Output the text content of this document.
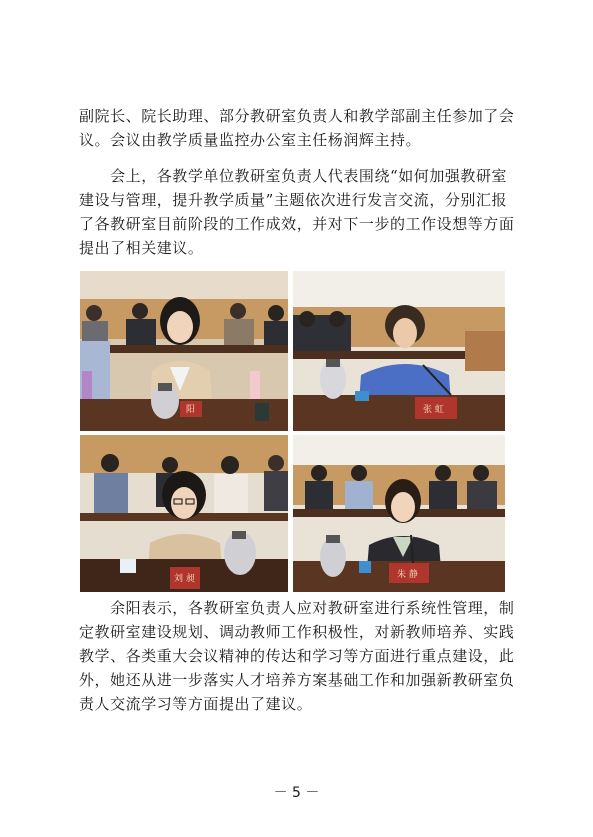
副院长、院长助理、部分教研室负责人和教学部副主任参加了会
议。会议由教学质量监控办公室主任杨润辉主持。

　　会上，各教学单位教研室负责人代表围绕“如何加强教研室
建设与管理，提升教学质量”主题依次进行发言交流，分别汇报
了各教研室目前阶段的工作成效，并对下一步的工作设想等方面
提出了相关建议。

阳	张 虹
刘 昶	朱 静

　　余阳表示，各教研室负责人应对教研室进行系统性管理，制
定教研室建设规划、调动教师工作积极性，对新教师培养、实践
教学、各类重大会议精神的传达和学习等方面进行重点建设，此
外，她还从进一步落实人才培养方案基础工作和加强新教研室负
责人交流学习等方面提出了建议。

－ 5 －
